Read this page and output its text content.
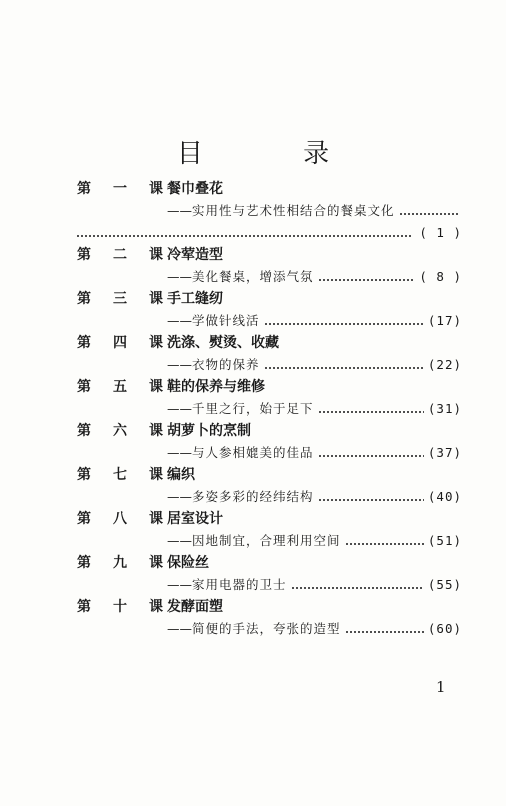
目 录
第 一 课 餐巾叠花
—— 实用性与艺术性相结合的餐桌文化
( 1 )
第 二 课 冷荤造型
—— 美化餐桌，增添气氛	( 8 )
第 三 课 手工缝纫
—— 学做针线活	(17)
第 四 课 洗涤、熨烫、收藏
—— 衣物的保养	(22)
第 五 课 鞋的保养与维修
—— 千里之行，始于足下	(31)
第 六 课 胡萝卜的烹制
—— 与人参相媲美的佳品	(37)
第 七 课 编织
—— 多姿多彩的经纬结构	(40)
第 八 课 居室设计
—— 因地制宜，合理利用空间	(51)
第 九 课 保险丝
—— 家用电器的卫士	(55)
第 十 课 发酵面塑
—— 简便的手法，夸张的造型	(60)
1
